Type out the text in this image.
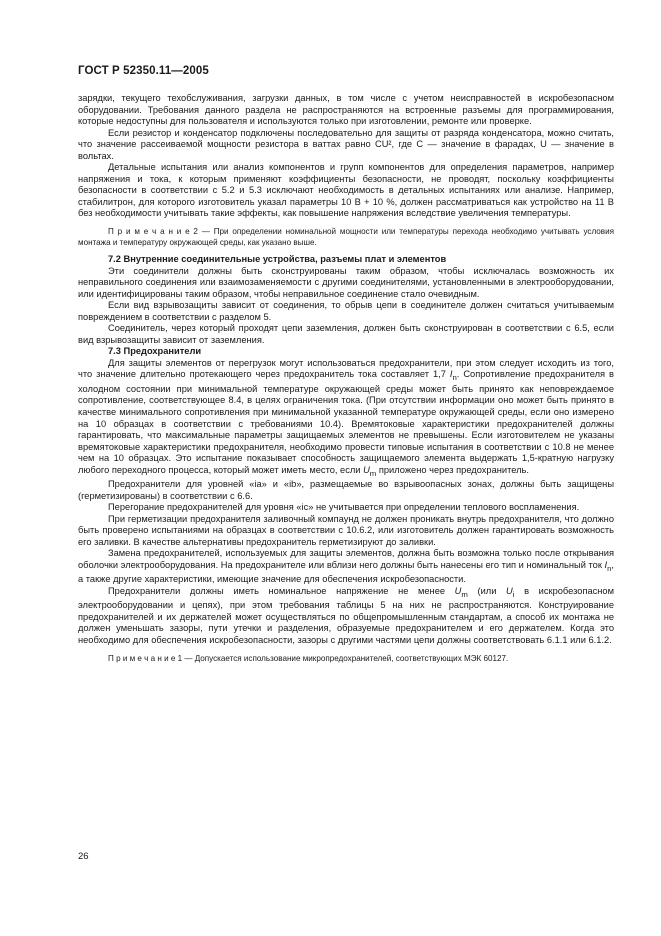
ГОСТ Р 52350.11—2005

зарядки, текущего техобслуживания, загрузки данных, в том числе с учетом неисправностей в искробезопасном оборудовании. Требования данного раздела не распространяются на встроенные разъемы для программирования, которые недоступны для пользователя и используются только при изготовлении, ремонте или проверке.

Если резистор и конденсатор подключены последовательно для защиты от разряда конденсатора, можно считать, что значение рассеиваемой мощности резистора в ваттах равно CU², где C — значение в фарадах, U — значение в вольтах.

Детальные испытания или анализ компонентов и групп компонентов для определения параметров, например напряжения и тока, к которым применяют коэффициенты безопасности, не проводят, поскольку коэффициенты безопасности в соответствии с 5.2 и 5.3 исключают необходимость в детальных испытаниях или анализе. Например, стабилитрон, для которого изготовитель указал параметры 10 В + 10 %, должен рассматриваться как устройство на 11 В без необходимости учитывать такие эффекты, как повышение напряжения вследствие увеличения температуры.

П р и м е ч а н и е 2 — При определении номинальной мощности или температуры перехода необходимо учитывать условия монтажа и температуру окружающей среды, как указано выше.

7.2 Внутренние соединительные устройства, разъемы плат и элементов

Эти соединители должны быть сконструированы таким образом, чтобы исключалась возможность их неправильного соединения или взаимозаменяемости с другими соединителями, установленными в электрооборудовании, или идентифицированы таким образом, чтобы неправильное соединение стало очевидным.

Если вид взрывозащиты зависит от соединения, то обрыв цепи в соединителе должен считаться учитываемым повреждением в соответствии с разделом 5.

Соединитель, через который проходят цепи заземления, должен быть сконструирован в соответствии с 6.5, если вид взрывозащиты зависит от заземления.

7.3 Предохранители

Для защиты элементов от перегрузок могут использоваться предохранители, при этом следует исходить из того, что значение длительно протекающего через предохранитель тока составляет 1,7 $I_n$. Сопротивление предохранителя в холодном состоянии при минимальной температуре окружающей среды может быть принято как неповреждаемое сопротивление, соответствующее 8.4, в целях ограничения тока. (При отсутствии информации оно может быть принято в качестве минимального сопротивления при минимальной указанной температуре окружающей среды, если оно измерено на 10 образцах в соответствии с требованиями 10.4). Времятоковые характеристики предохранителей должны гарантировать, что максимальные параметры защищаемых элементов не превышены. Если изготовителем не указаны времятоковые характеристики предохранителя, необходимо провести типовые испытания в соответствии с 10.8 не менее чем на 10 образцах. Это испытание показывает способность защищаемого элемента выдержать 1,5-кратную нагрузку любого переходного процесса, который может иметь место, если $U_m$ приложено через предохранитель.

Предохранители для уровней «ia» и «ib», размещаемые во взрывоопасных зонах, должны быть защищены (герметизированы) в соответствии с 6.6.

Перегорание предохранителей для уровня «ic» не учитывается при определении теплового воспламенения.

При герметизации предохранителя заливочный компаунд не должен проникать внутрь предохранителя, что должно быть проверено испытаниями на образцах в соответствии с 10.6.2, или изготовитель должен гарантировать возможность его заливки. В качестве альтернативы предохранитель герметизируют до заливки.

Замена предохранителей, используемых для защиты элементов, должна быть возможна только после открывания оболочки электрооборудования. На предохранителе или вблизи него должны быть нанесены его тип и номинальный ток $I_n$, а также другие характеристики, имеющие значение для обеспечения искробезопасности.

Предохранители должны иметь номинальное напряжение не менее $U_m$ (или $U_i$ в искробезопасном электрооборудовании и цепях), при этом требования таблицы 5 на них не распространяются. Конструирование предохранителей и их держателей может осуществляться по общепромышленным стандартам, а способ их монтажа не должен уменьшать зазоры, пути утечки и разделения, образуемые предохранителем и его держателем. Когда это необходимо для обеспечения искробезопасности, зазоры с другими частями цепи должны соответствовать 6.1.1 или 6.1.2.

П р и м е ч а н и е 1 — Допускается использование микропредохранителей, соответствующих МЭК 60127.

26
